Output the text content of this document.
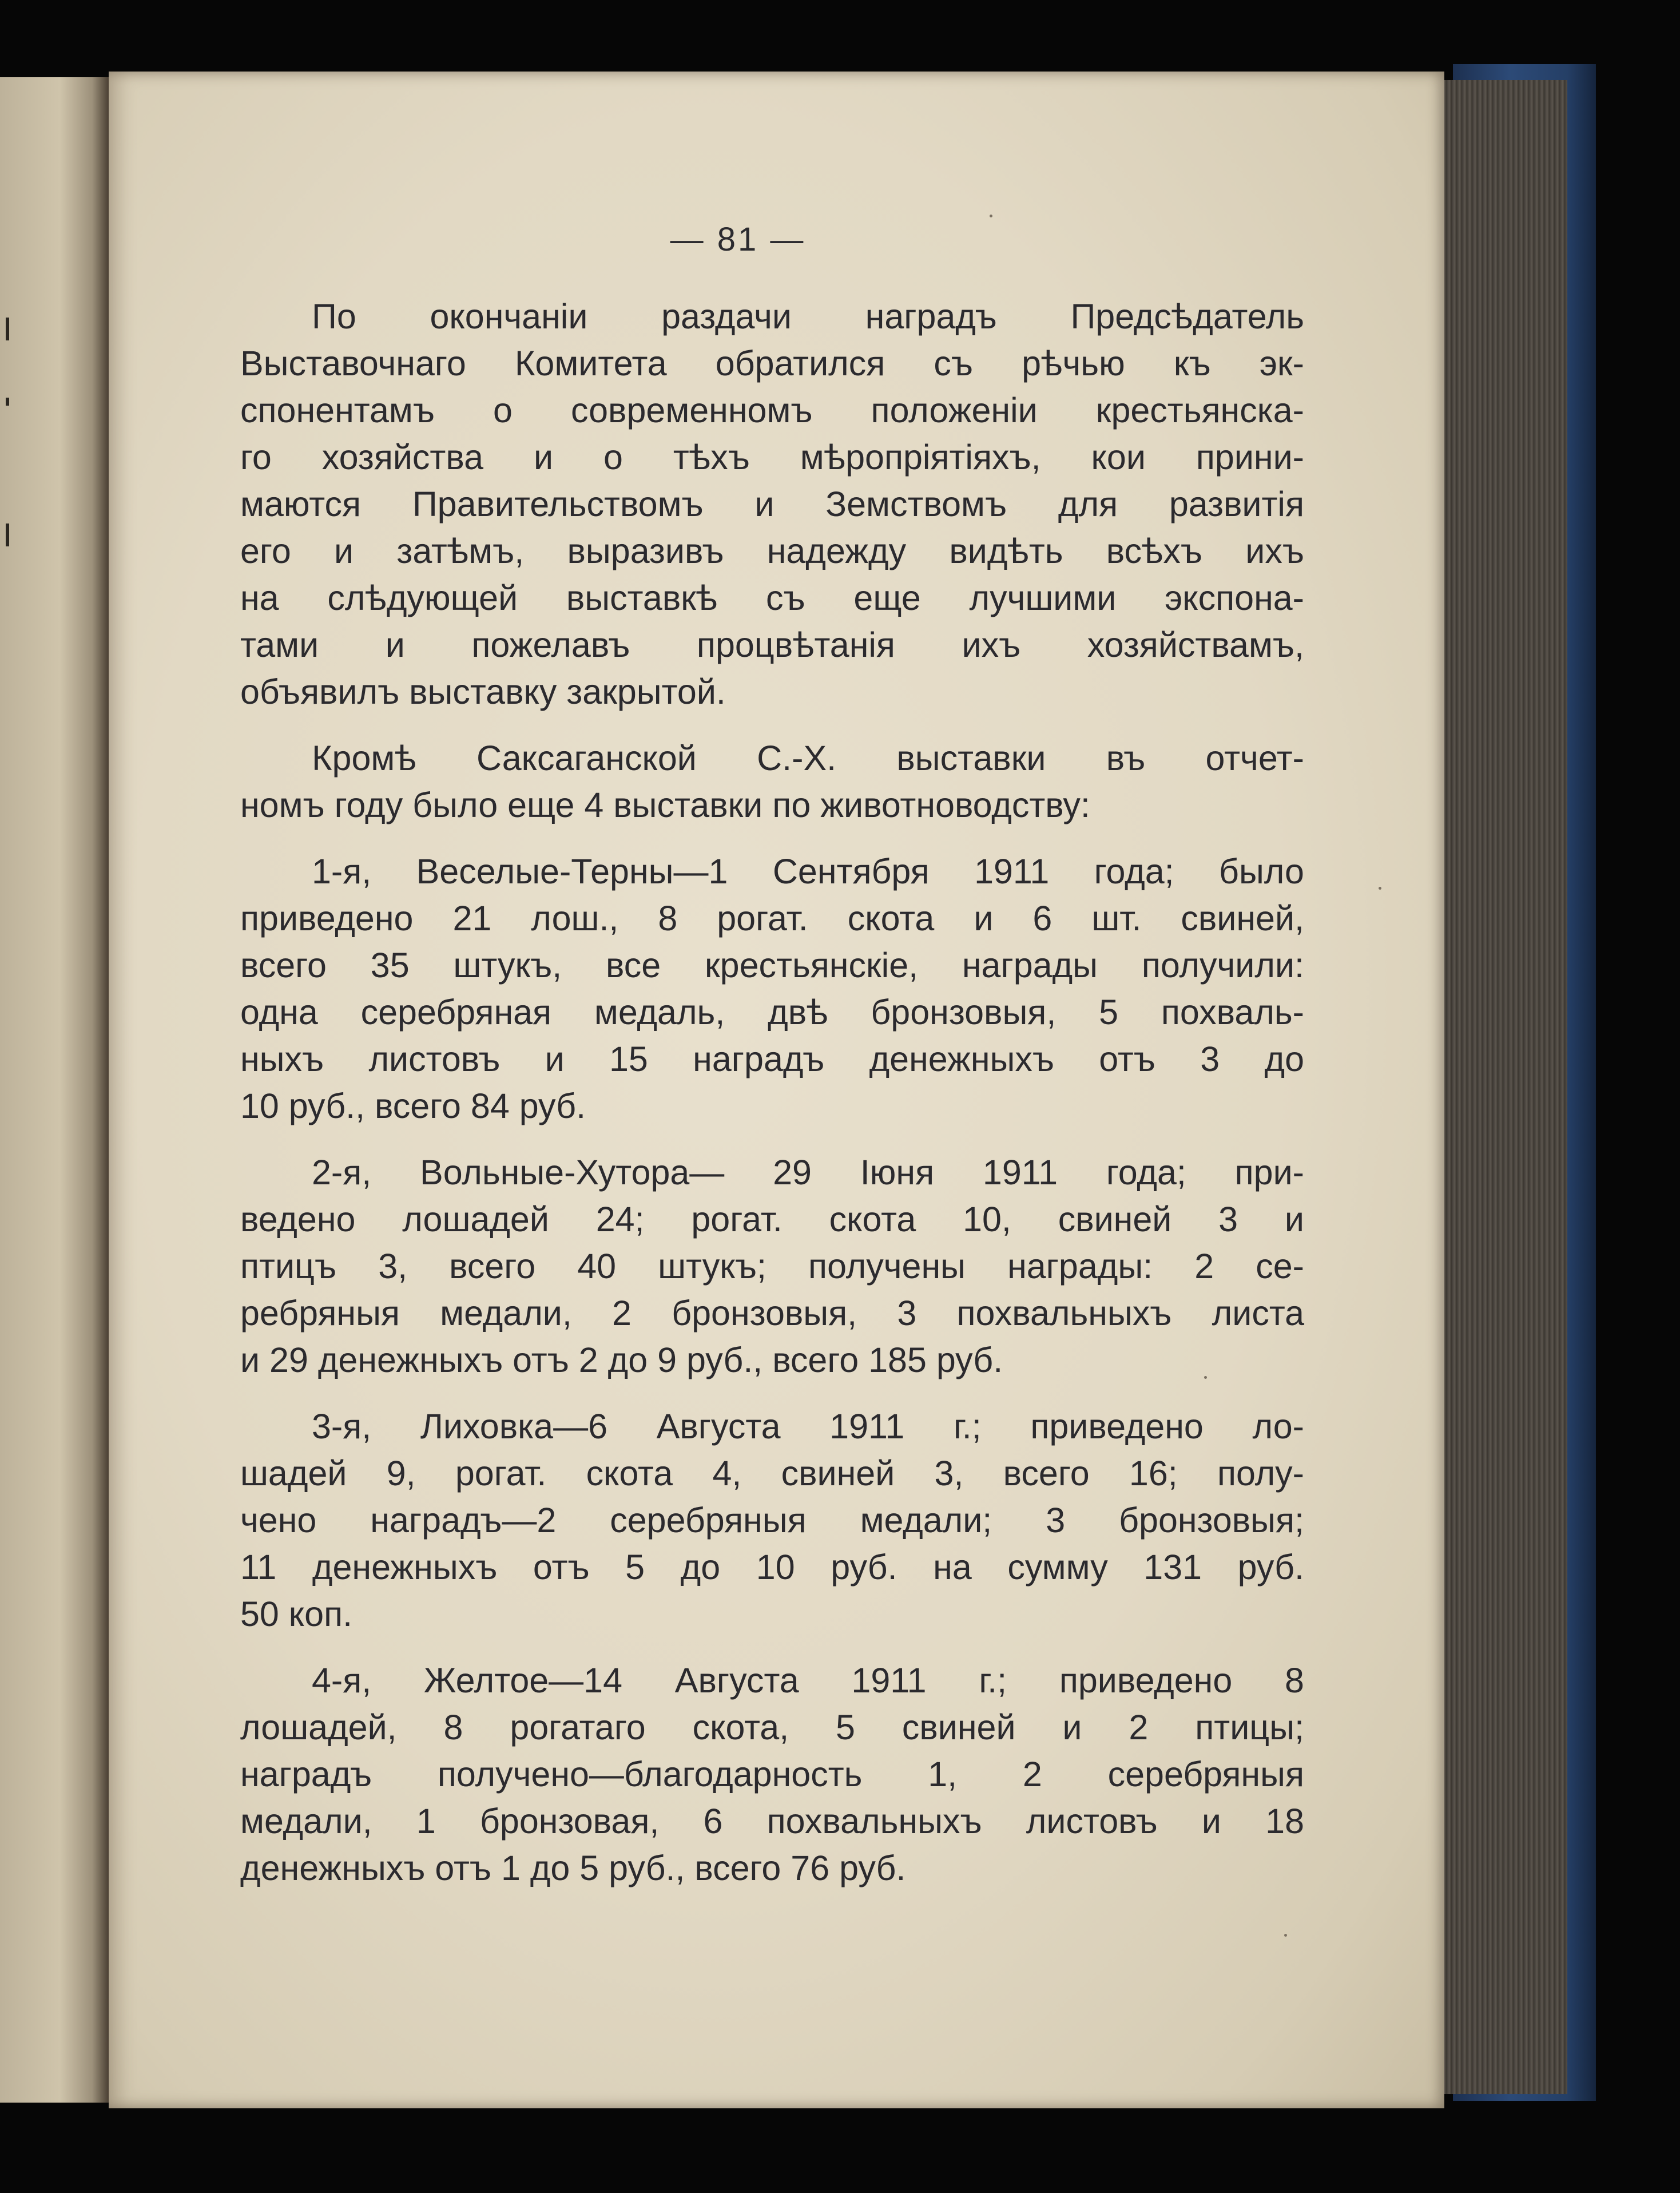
— 81 —
По окончанiи раздачи наградъ Предсѣдатель
Выставочнаго Комитета обратился съ рѣчью къ эк-
спонентамъ о современномъ положенiи крестьянска-
го хозяйства и о тѣхъ мѣропрiятiяхъ, кои прини-
маются Правительствомъ и Земствомъ для развитiя
его и затѣмъ, выразивъ надежду видѣть всѣхъ ихъ
на слѣдующей выставкѣ съ еще лучшими экспона-
тами и пожелавъ процвѣтанiя ихъ хозяйствамъ,
объявилъ выставку закрытой.
Кромѣ Саксаганской С.-Х. выставки въ отчет-
номъ году было еще 4 выставки по животноводству:
1-я, Веселые-Терны—1 Сентября 1911 года; было
приведено 21 лош., 8 рогат. скота и 6 шт. свиней,
всего 35 штукъ, все крестьянскiе, награды получили:
одна серебряная медаль, двѣ бронзовыя, 5 похваль-
ныхъ листовъ и 15 наградъ денежныхъ отъ 3 до
10 руб., всего 84 руб.
2-я, Вольные-Хутора— 29 Iюня 1911 года; при-
ведено лошадей 24; рогат. скота 10, свиней 3 и
птицъ 3, всего 40 штукъ; получены награды: 2 се-
ребряныя медали, 2 бронзовыя, 3 похвальныхъ листа
и 29 денежныхъ отъ 2 до 9 руб., всего 185 руб.
3-я, Лиховка—6 Августа 1911 г.; приведено ло-
шадей 9, рогат. скота 4, свиней 3, всего 16; полу-
чено наградъ—2 серебряныя медали; 3 бронзовыя;
11 денежныхъ отъ 5 до 10 руб. на сумму 131 руб.
50 коп.
4-я, Желтое—14 Августа 1911 г.; приведено 8
лошадей, 8 рогатаго скота, 5 свиней и 2 птицы;
наградъ получено—благодарность 1, 2 серебряныя
медали, 1 бронзовая, 6 похвальныхъ листовъ и 18
денежныхъ отъ 1 до 5 руб., всего 76 руб.
